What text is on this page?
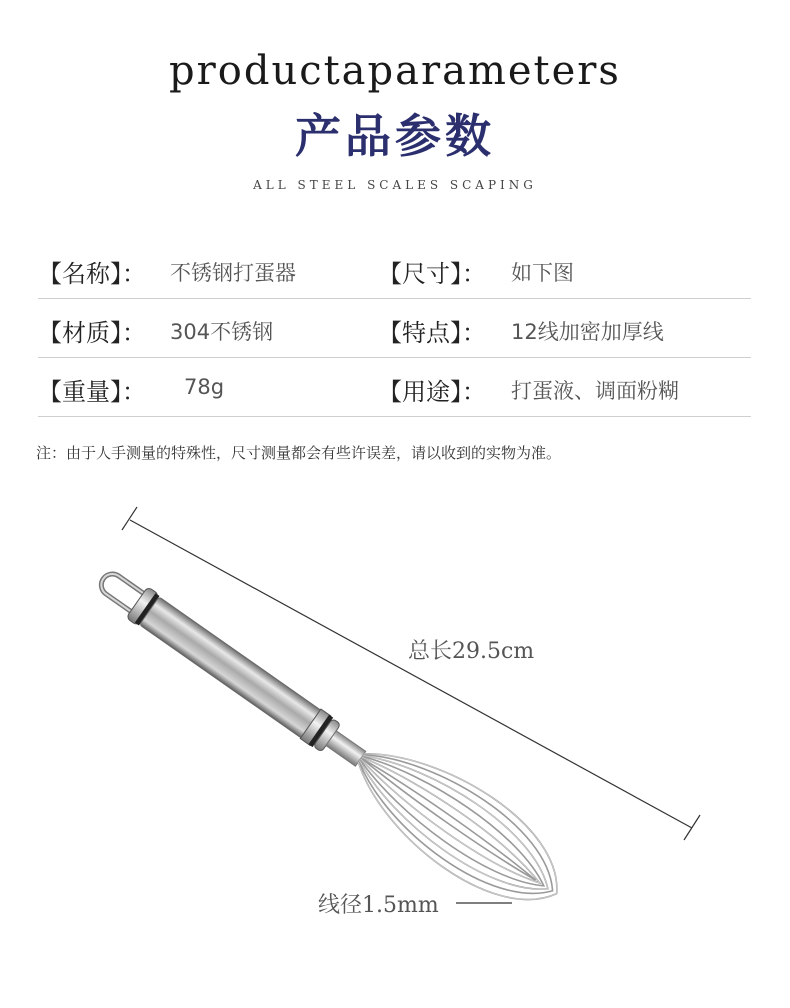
productaparameters
产品参数
ALL STEEL SCALES SCAPING
【名称】： 不锈钢打蛋器	【尺寸】： 如下图
【材质】： 304不锈钢	【特点】： 12线加密加厚线
【重量】： 78g	【用途】： 打蛋液、调面粉糊
注：由于人手测量的特殊性，尺寸测量都会有些许误差，请以收到的实物为准。
总长29.5cm
线径1.5mm
